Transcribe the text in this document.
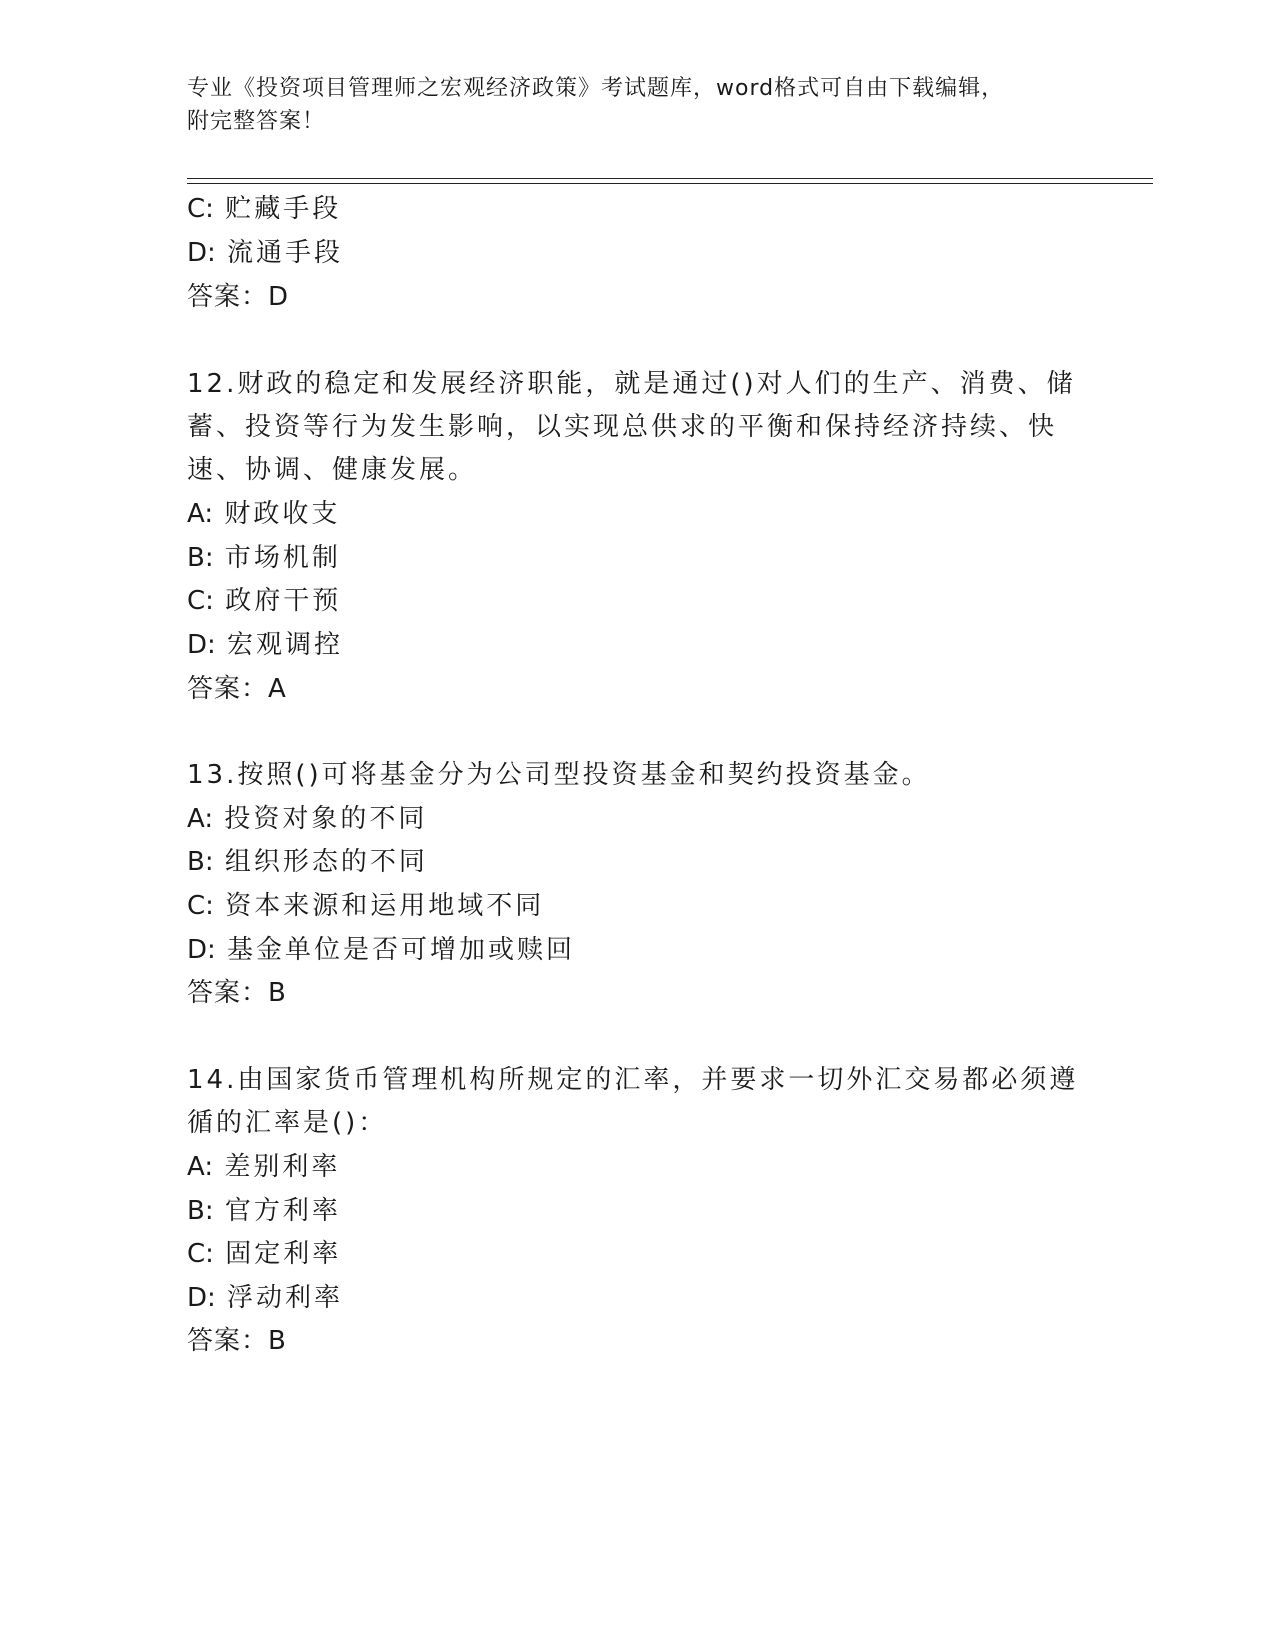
专业《投资项目管理师之宏观经济政策》考试题库，word格式可自由下载编辑，
附完整答案！
C: 贮藏手段
D: 流通手段
答案：D
12.财政的稳定和发展经济职能，就是通过()对人们的生产、消费、储
蓄、投资等行为发生影响，以实现总供求的平衡和保持经济持续、快
速、协调、健康发展。
A: 财政收支
B: 市场机制
C: 政府干预
D: 宏观调控
答案：A
13.按照()可将基金分为公司型投资基金和契约投资基金。
A: 投资对象的不同
B: 组织形态的不同
C: 资本来源和运用地域不同
D: 基金单位是否可增加或赎回
答案：B
14.由国家货币管理机构所规定的汇率，并要求一切外汇交易都必须遵
循的汇率是()：
A: 差别利率
B: 官方利率
C: 固定利率
D: 浮动利率
答案：B
